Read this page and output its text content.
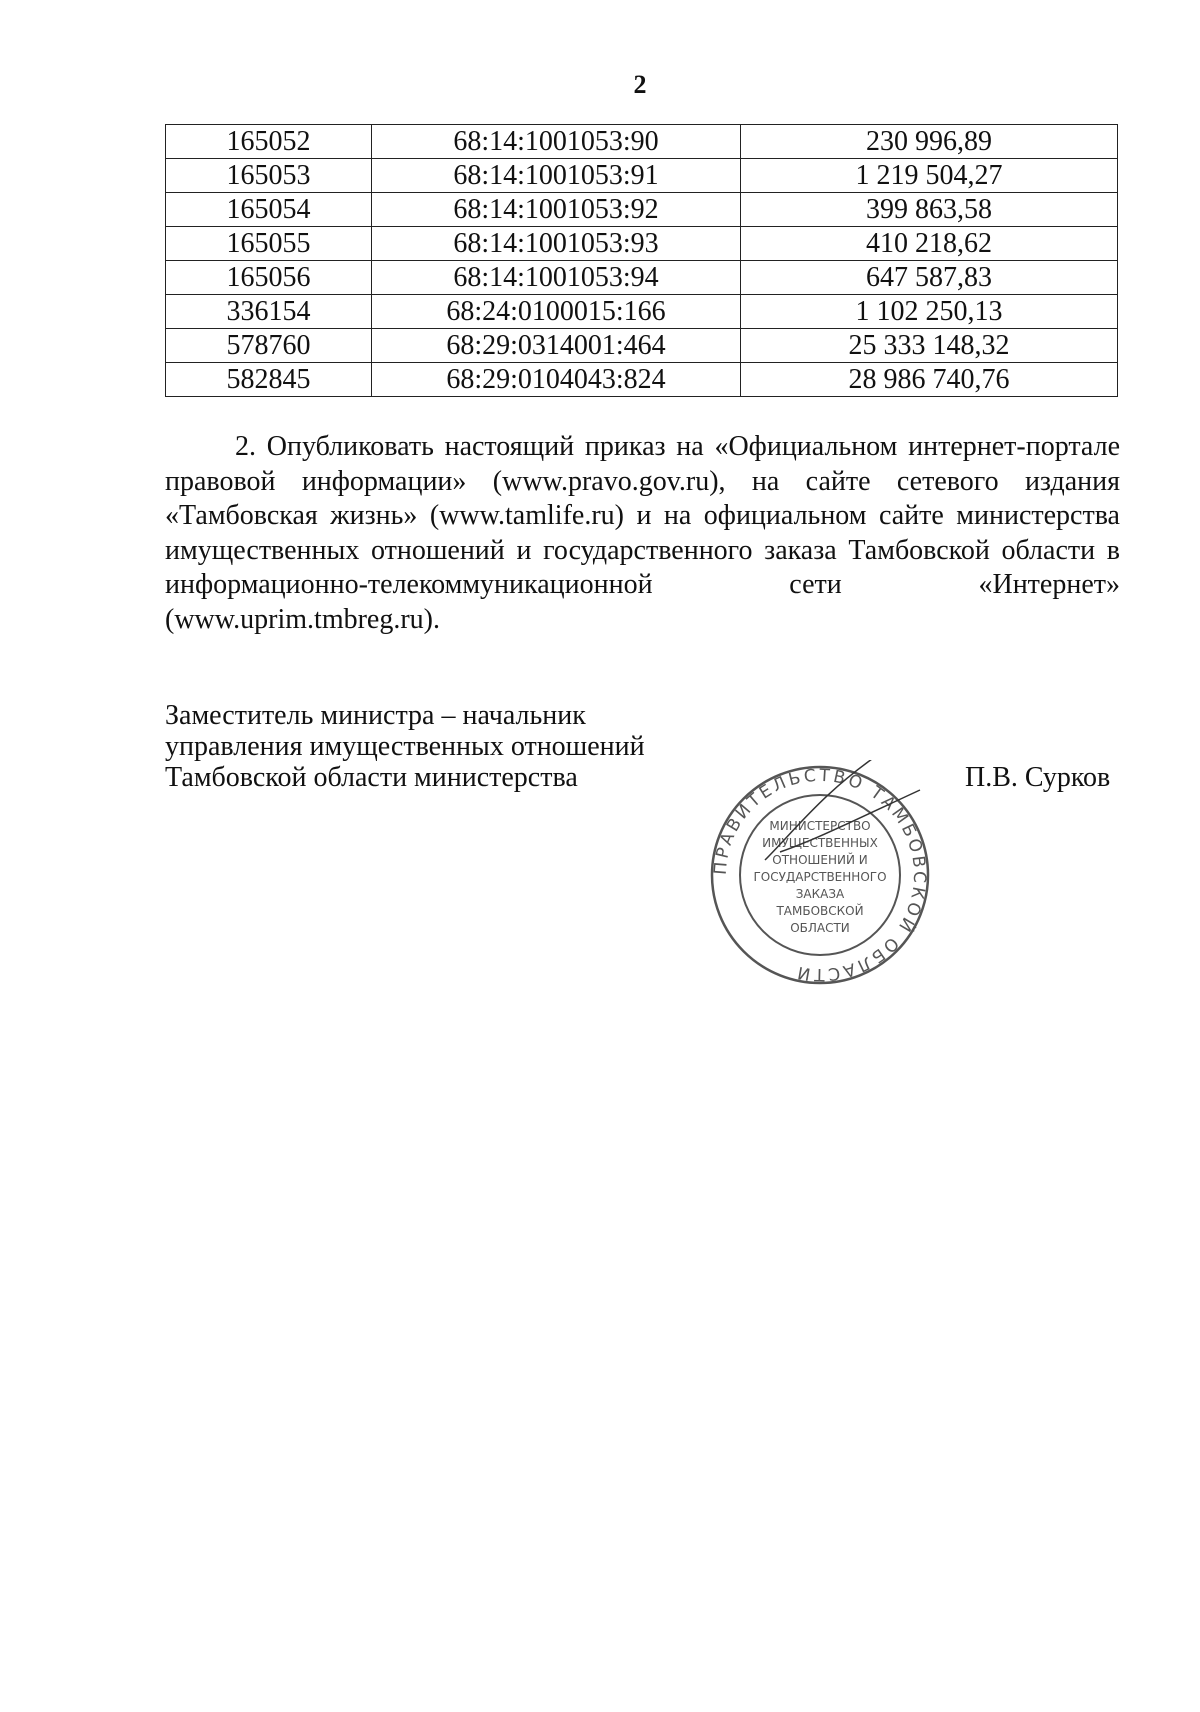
2
165052	68:14:1001053:90	230 996,89
165053	68:14:1001053:91	1 219 504,27
165054	68:14:1001053:92	399 863,58
165055	68:14:1001053:93	410 218,62
165056	68:14:1001053:94	647 587,83
336154	68:24:0100015:166	1 102 250,13
578760	68:29:0314001:464	25 333 148,32
582845	68:29:0104043:824	28 986 740,76
2. Опубликовать настоящий приказ на «Официальном интернет-портале правовой информации» (www.pravo.gov.ru), на сайте сетевого издания «Тамбовская жизнь» (www.tamlife.ru) и на официальном сайте министерства имущественных отношений и государственного заказа Тамбовской области в информационно-телекоммуникационной сети «Интернет» (www.uprim.tmbreg.ru).
Заместитель министра – начальник
управления имущественных отношений
Тамбовской области министерства
ПРАВИТЕЛЬСТВО ТАМБОВСКОЙ ОБЛАСТИ
МИНИСТЕРСТВО
ИМУЩЕСТВЕННЫХ
ОТНОШЕНИЙ И
ГОСУДАРСТВЕННОГО
ЗАКАЗА
ТАМБОВСКОЙ
ОБЛАСТИ
П.В. Сурков
